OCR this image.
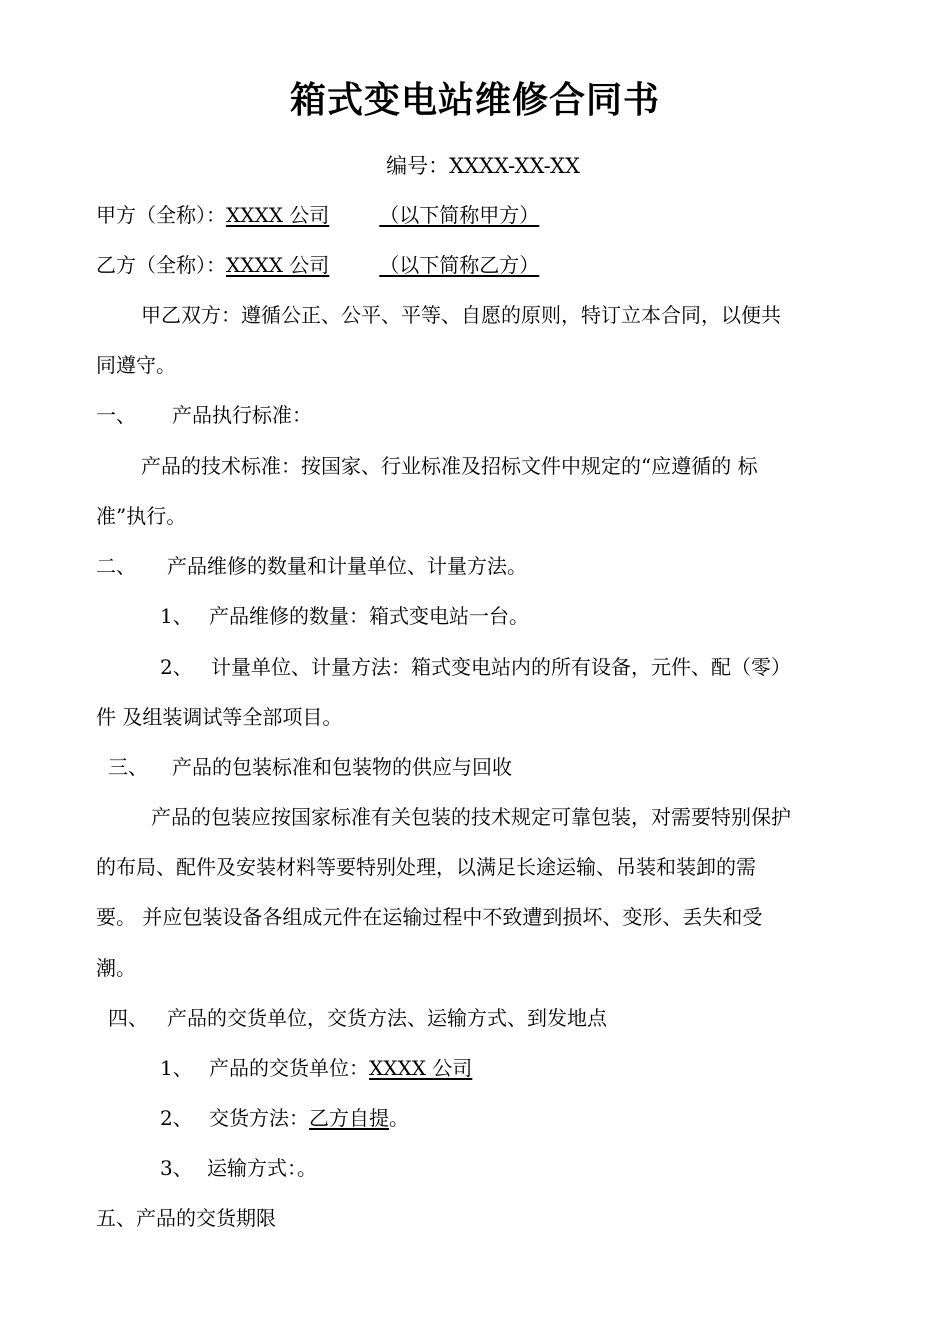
箱式变电站维修合同书
编号：XXXX-XX-XX
甲方（全称）：XXXX 公司	（以下简称甲方）
乙方（全称）：XXXX 公司	（以下简称乙方）
甲乙双方：遵循公正、公平、平等、自愿的原则，特订立本合同，以便共
同遵守。
一、 产品执行标准：
产品的技术标准：按国家、行业标准及招标文件中规定的“应遵循的 标
准”执行。
二、 产品维修的数量和计量单位、计量方法。
1、 产品维修的数量：箱式变电站一台。
2、 计量单位、计量方法：箱式变电站内的所有设备，元件、配（零）
件 及组装调试等全部项目。
三、 产品的包装标准和包装物的供应与回收
产品的包装应按国家标准有关包装的技术规定可靠包装，对需要特别保护
的布局、配件及安装材料等要特别处理，以满足长途运输、吊装和装卸的需
要。 并应包装设备各组成元件在运输过程中不致遭到损坏、变形、丢失和受
潮。
四、 产品的交货单位，交货方法、运输方式、到发地点
1、 产品的交货单位：XXXX 公司
2、 交货方法：乙方自提。
3、 运输方式：。
五、产品的交货期限
